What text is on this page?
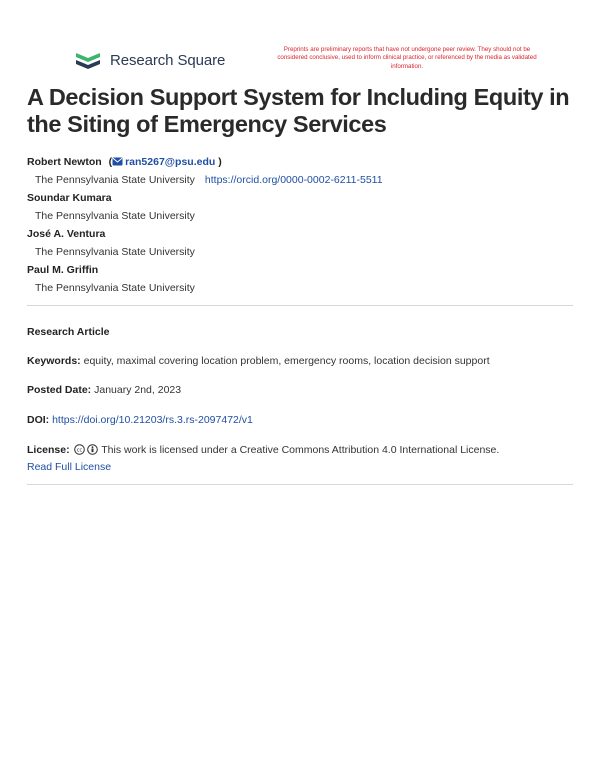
Research Square
Preprints are preliminary reports that have not undergone peer review. They should not be considered conclusive, used to inform clinical practice, or referenced by the media as validated information.
A Decision Support System for Including Equity in the Siting of Emergency Services
Robert Newton ( ran5267@psu.edu )
The Pennsylvania State University https://orcid.org/0000-0002-6211-5511
Soundar Kumara
The Pennsylvania State University
José A. Ventura
The Pennsylvania State University
Paul M. Griffin
The Pennsylvania State University
Research Article
Keywords: equity, maximal covering location problem, emergency rooms, location decision support
Posted Date: January 2nd, 2023
DOI: https://doi.org/10.21203/rs.3.rs-2097472/v1
License: cc This work is licensed under a Creative Commons Attribution 4.0 International License.
Read Full License
